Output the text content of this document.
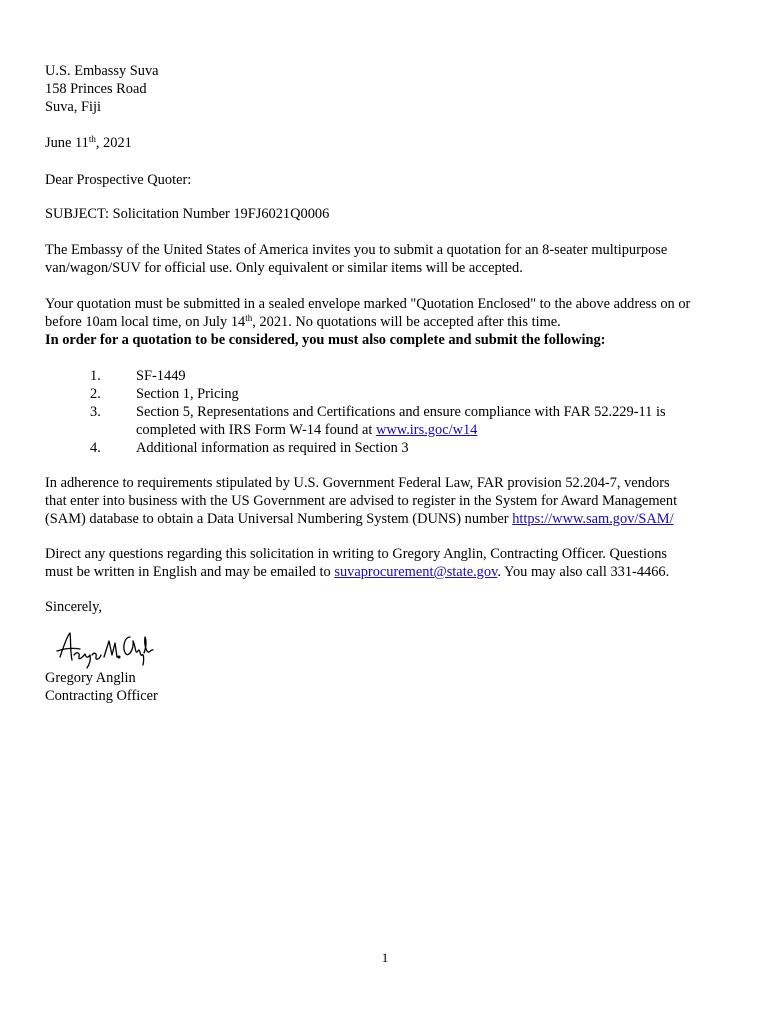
U.S. Embassy Suva
158 Princes Road
Suva, Fiji
June 11th, 2021
Dear Prospective Quoter:
SUBJECT: Solicitation Number 19FJ6021Q0006
The Embassy of the United States of America invites you to submit a quotation for an 8-seater multipurpose
van/wagon/SUV for official use. Only equivalent or similar items will be accepted.
Your quotation must be submitted in a sealed envelope marked "Quotation Enclosed" to the above address on or
before 10am local time, on July 14th, 2021. No quotations will be accepted after this time.
In order for a quotation to be considered, you must also complete and submit the following:
1.	SF-1449
2.	Section 1, Pricing
3.	Section 5, Representations and Certifications and ensure compliance with FAR 52.229-11 is
completed with IRS Form W-14 found at www.irs.goc/w14
4.	Additional information as required in Section 3
In adherence to requirements stipulated by U.S. Government Federal Law, FAR provision 52.204-7, vendors
that enter into business with the US Government are advised to register in the System for Award Management
(SAM) database to obtain a Data Universal Numbering System (DUNS) number https://www.sam.gov/SAM/
Direct any questions regarding this solicitation in writing to Gregory Anglin, Contracting Officer. Questions
must be written in English and may be emailed to suvaprocurement@state.gov. You may also call 331-4466.
Sincerely,
Gregory Anglin
Contracting Officer
1
